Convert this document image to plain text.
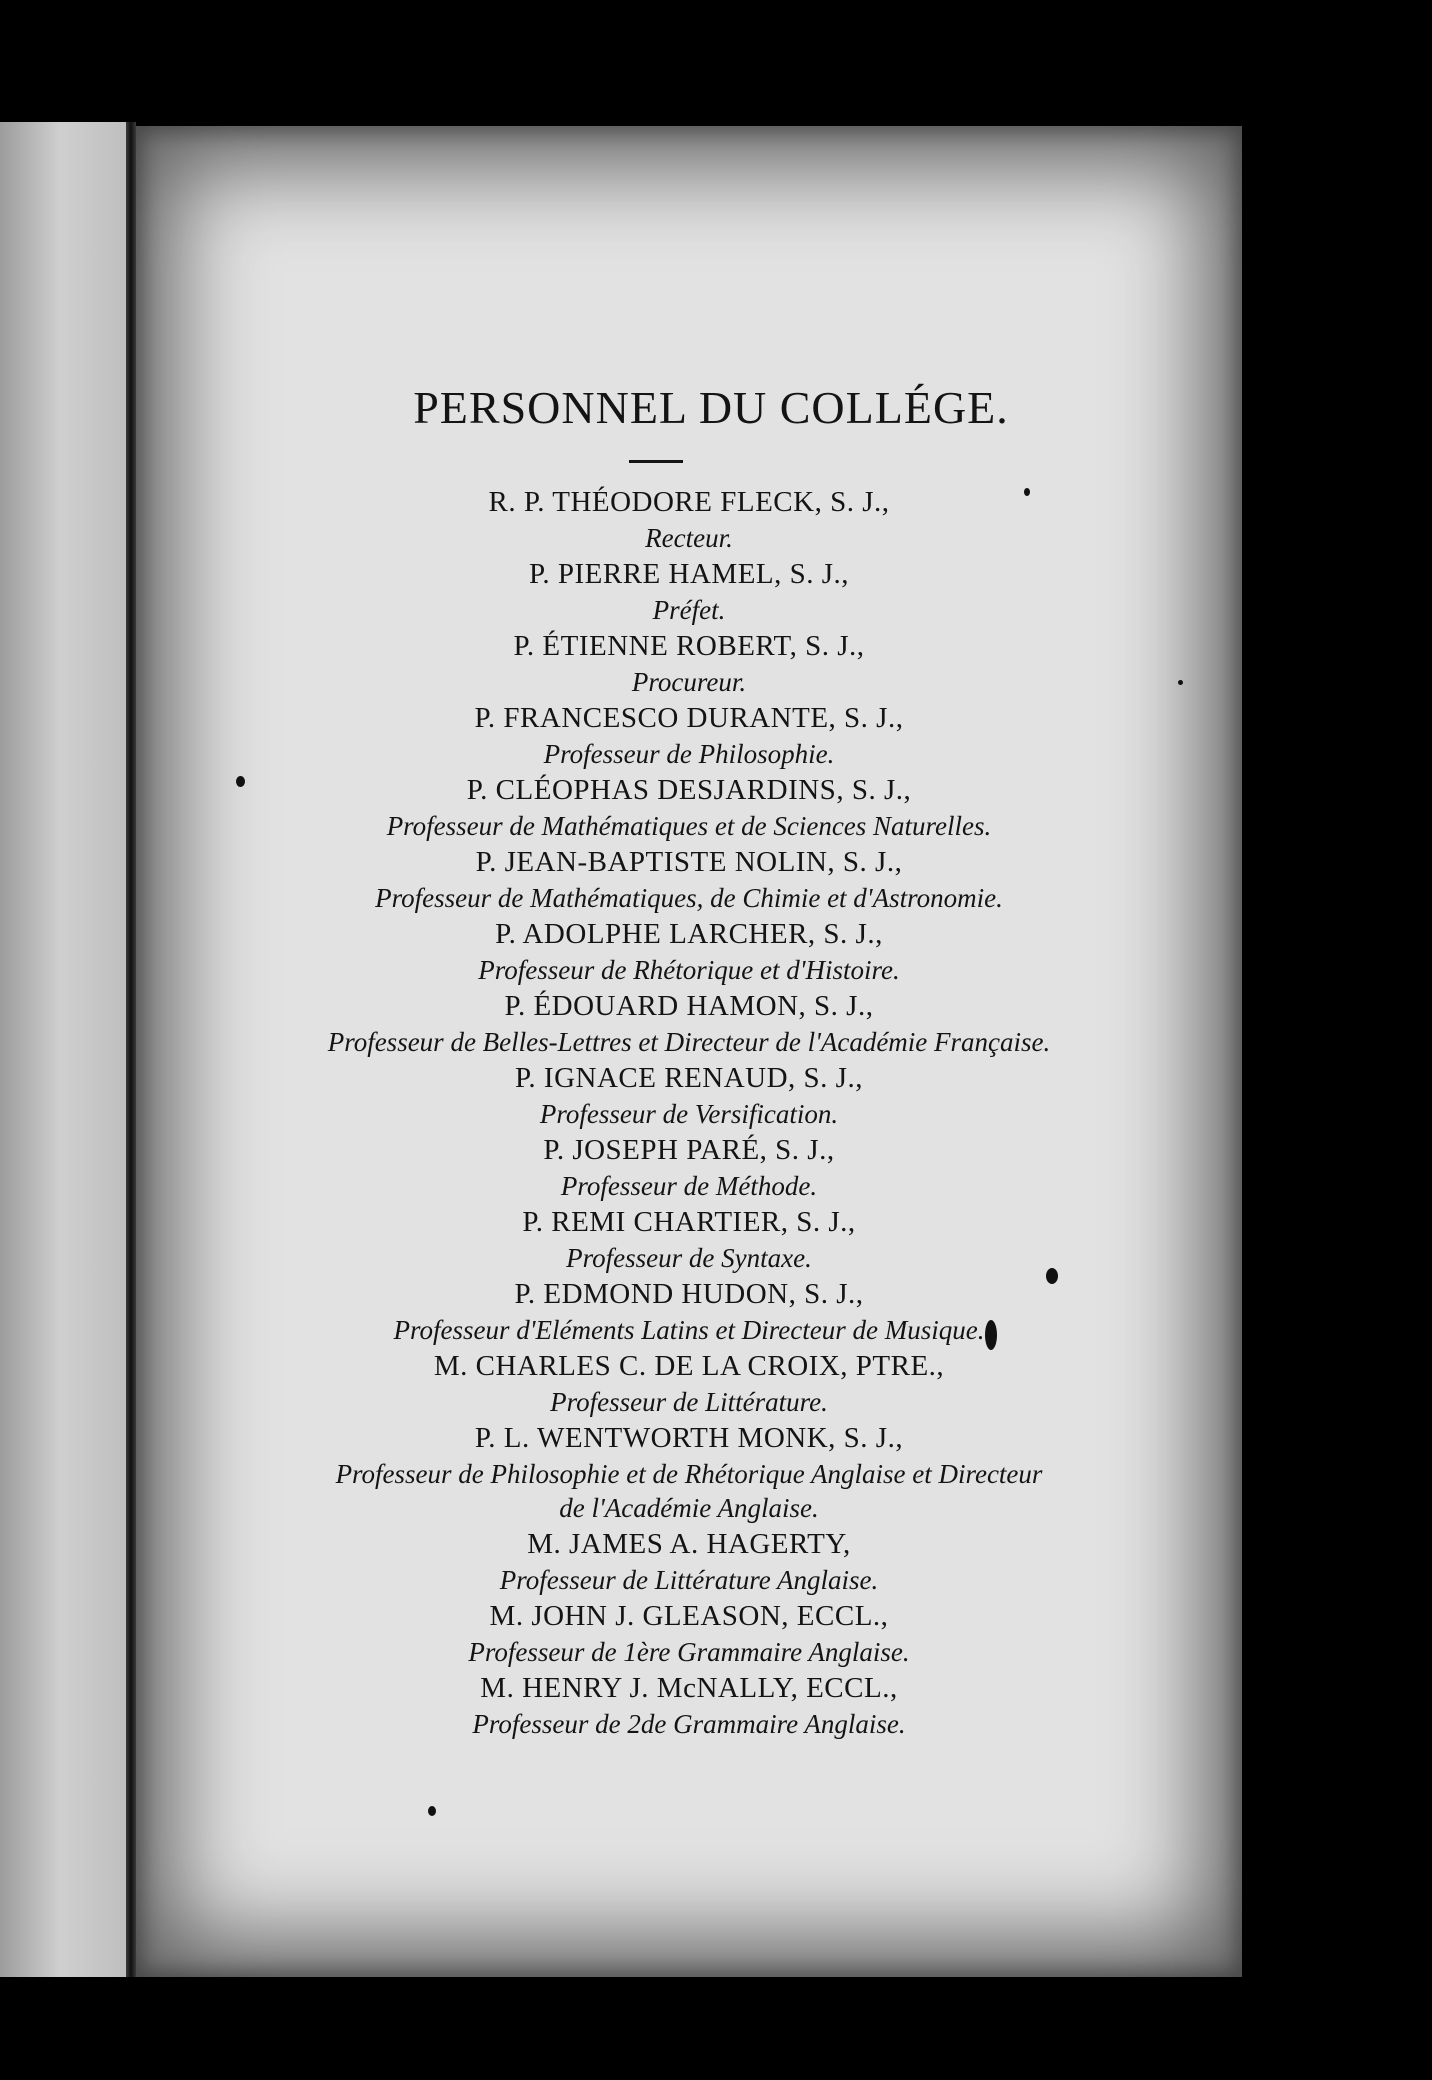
PERSONNEL DU COLLÉGE.

R. P. THÉODORE FLECK, S. J.,
Recteur.

P. PIERRE HAMEL, S. J.,
Préfet.

P. ÉTIENNE ROBERT, S. J.,
Procureur.

P. FRANCESCO DURANTE, S. J.,
Professeur de Philosophie.

P. CLÉOPHAS DESJARDINS, S. J.,
Professeur de Mathématiques et de Sciences Naturelles.

P. JEAN-BAPTISTE NOLIN, S. J.,
Professeur de Mathématiques, de Chimie et d'Astronomie.

P. ADOLPHE LARCHER, S. J.,
Professeur de Rhétorique et d'Histoire.

P. ÉDOUARD HAMON, S. J.,
Professeur de Belles-Lettres et Directeur de l'Académie Française.

P. IGNACE RENAUD, S. J.,
Professeur de Versification.

P. JOSEPH PARÉ, S. J.,
Professeur de Méthode.

P. REMI CHARTIER, S. J.,
Professeur de Syntaxe.

P. EDMOND HUDON, S. J.,
Professeur d'Eléments Latins et Directeur de Musique.

M. CHARLES C. DE LA CROIX, PTRE.,
Professeur de Littérature.

P. L. WENTWORTH MONK, S. J.,
Professeur de Philosophie et de Rhétorique Anglaise et Directeur
de l'Académie Anglaise.

M. JAMES A. HAGERTY,
Professeur de Littérature Anglaise.

M. JOHN J. GLEASON, ECCL.,
Professeur de 1ère Grammaire Anglaise.

M. HENRY J. McNALLY, ECCL.,
Professeur de 2de Grammaire Anglaise.
